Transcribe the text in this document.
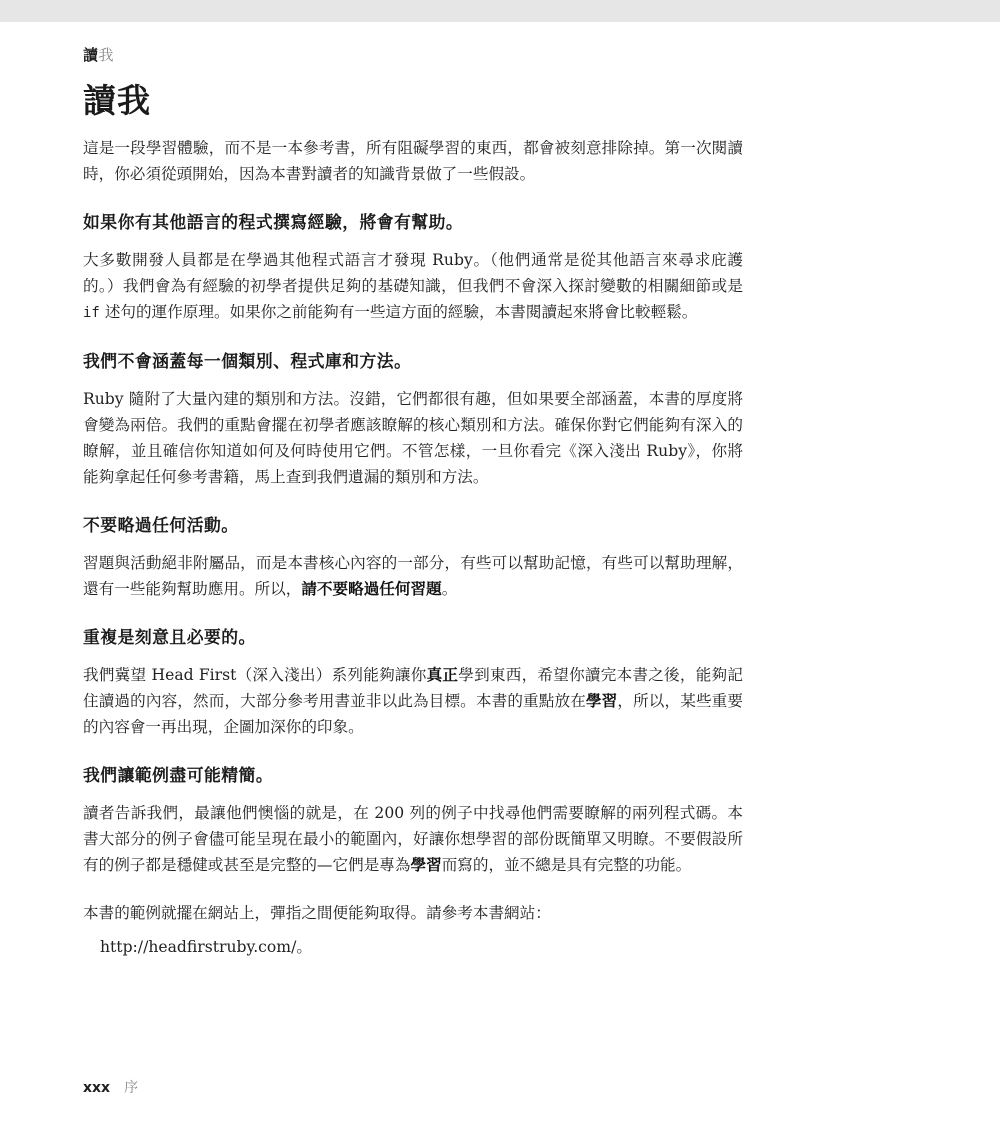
讀我
讀我

這是一段學習體驗，而不是一本參考書，所有阻礙學習的東西，都會被刻意排除掉。第一次閱讀時，你必須從頭開始，因為本書對讀者的知識背景做了一些假設。

如果你有其他語言的程式撰寫經驗，將會有幫助。

大多數開發人員都是在學過其他程式語言才發現 Ruby。（他們通常是從其他語言來尋求庇護的。）我們會為有經驗的初學者提供足夠的基礎知識，但我們不會深入探討變數的相關細節或是 if 述句的運作原理。如果你之前能夠有一些這方面的經驗，本書閱讀起來將會比較輕鬆。

我們不會涵蓋每一個類別、程式庫和方法。

Ruby 隨附了大量內建的類別和方法。沒錯，它們都很有趣，但如果要全部涵蓋，本書的厚度將會變為兩倍。我們的重點會擺在初學者應該瞭解的核心類別和方法。確保你對它們能夠有深入的瞭解，並且確信你知道如何及何時使用它們。不管怎樣，一旦你看完《深入淺出 Ruby》，你將能夠拿起任何參考書籍，馬上查到我們遺漏的類別和方法。

不要略過任何活動。

習題與活動絕非附屬品，而是本書核心內容的一部分，有些可以幫助記憶，有些可以幫助理解，還有一些能夠幫助應用。所以，請不要略過任何習題。

重複是刻意且必要的。

我們冀望 Head First（深入淺出）系列能夠讓你真正學到東西，希望你讀完本書之後，能夠記住讀過的內容，然而，大部分參考用書並非以此為目標。本書的重點放在學習，所以，某些重要的內容會一再出現，企圖加深你的印象。

我們讓範例盡可能精簡。

讀者告訴我們，最讓他們懊惱的就是，在 200 列的例子中找尋他們需要瞭解的兩列程式碼。本書大部分的例子會儘可能呈現在最小的範圍內，好讓你想學習的部份既簡單又明瞭。不要假設所有的例子都是穩健或甚至是完整的—它們是專為學習而寫的，並不總是具有完整的功能。

本書的範例就擺在網站上，彈指之間便能夠取得。請參考本書網站：

http://headfirstruby.com/。
xxx 序
